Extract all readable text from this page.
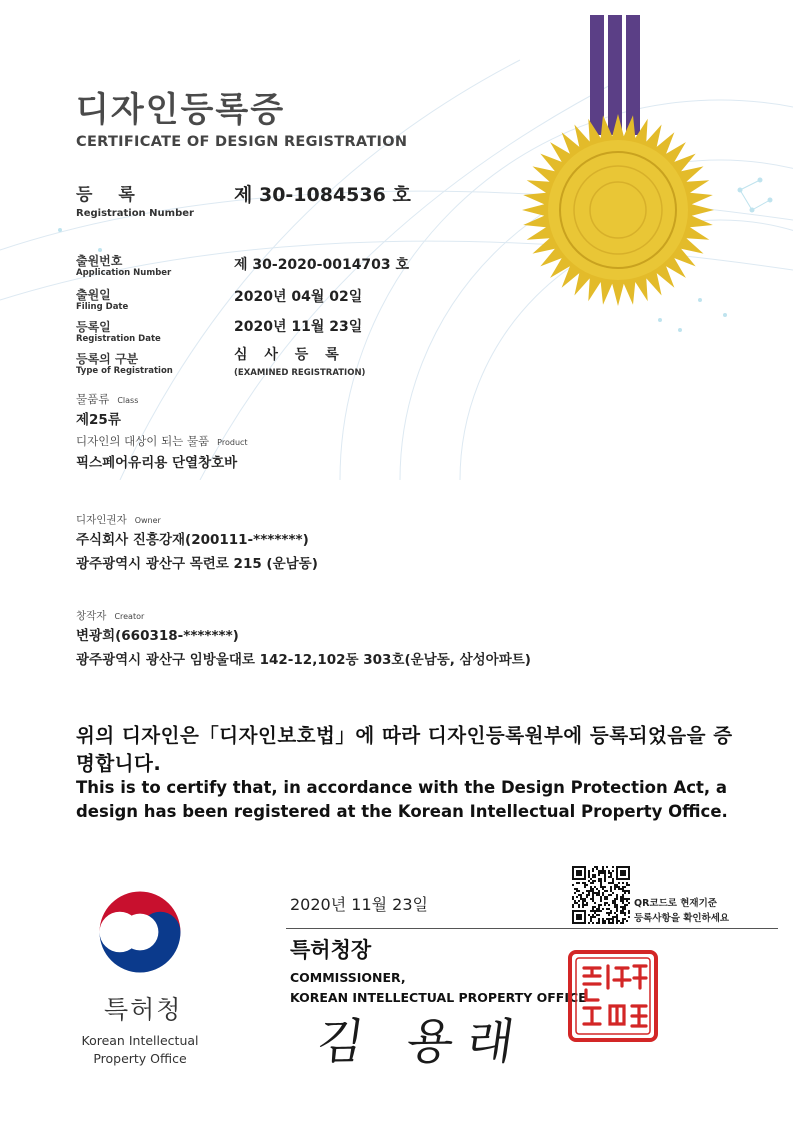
디자인등록증
CERTIFICATE OF DESIGN REGISTRATION
등 록
Registration Number
제 30-1084536 호
출원번호
Application Number	제 30-2020-0014703 호
출원일
Filing Date
2020년 04월 02일
등록일
Registration Date
2020년 11월 23일
등록의 구분
Type of Registration
심 사 등 록
(EXAMINED REGISTRATION)
물품류 Class
제25류
디자인의 대상이 되는 물품 Product
픽스페어유리용 단열창호바
디자인권자 Owner
주식회사 진흥강재(200111-*******)
광주광역시 광산구 목련로 215 (운남동)
창작자 Creator
변광희(660318-*******)
광주광역시 광산구 임방울대로 142-12,102동 303호(운남동, 삼성아파트)
위의 디자인은「디자인보호법」에 따라 디자인등록원부에 등록되었음을 증명합니다.
This is to certify that, in accordance with the Design Protection Act, a design has been registered at the Korean Intellectual Property Office.
2020년 11월 23일	QR코드로 현재기준
등록사항을 확인하세요
특허청장
COMMISSIONER,
KOREAN INTELLECTUAL PROPERTY OFFICE
김 용래
특허청
Korean Intellectual
Property Office
